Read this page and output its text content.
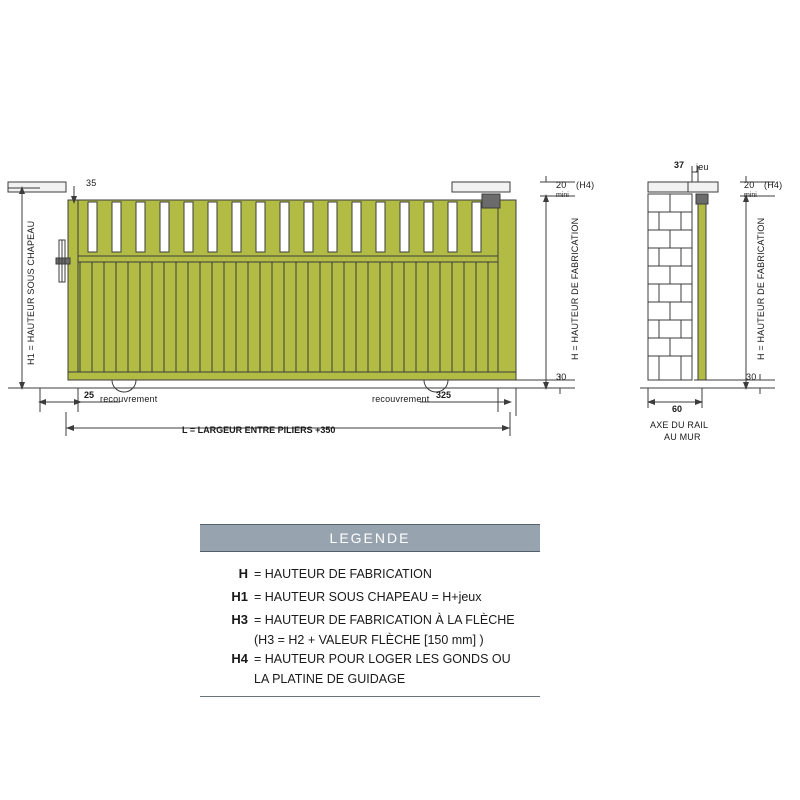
35
H1 = HAUTEUR SOUS CHAPEAU
20
mini
(H4)
H = HAUTEUR DE FABRICATION
30
25 recouvrement	recouvrement 325
L = LARGEUR ENTRE PILIERS +350
37 jeu
20
mini
(H4)
H = HAUTEUR DE FABRICATION
30
60
AXE DU RAIL
AU MUR
LEGENDE
H = HAUTEUR DE FABRICATION
H1 = HAUTEUR SOUS CHAPEAU = H+jeux
H3 = HAUTEUR DE FABRICATION À LA FLÈCHE
(H3 = H2 + VALEUR FLÈCHE [150 mm] )
H4 = HAUTEUR POUR LOGER LES GONDS OU
LA PLATINE DE GUIDAGE
